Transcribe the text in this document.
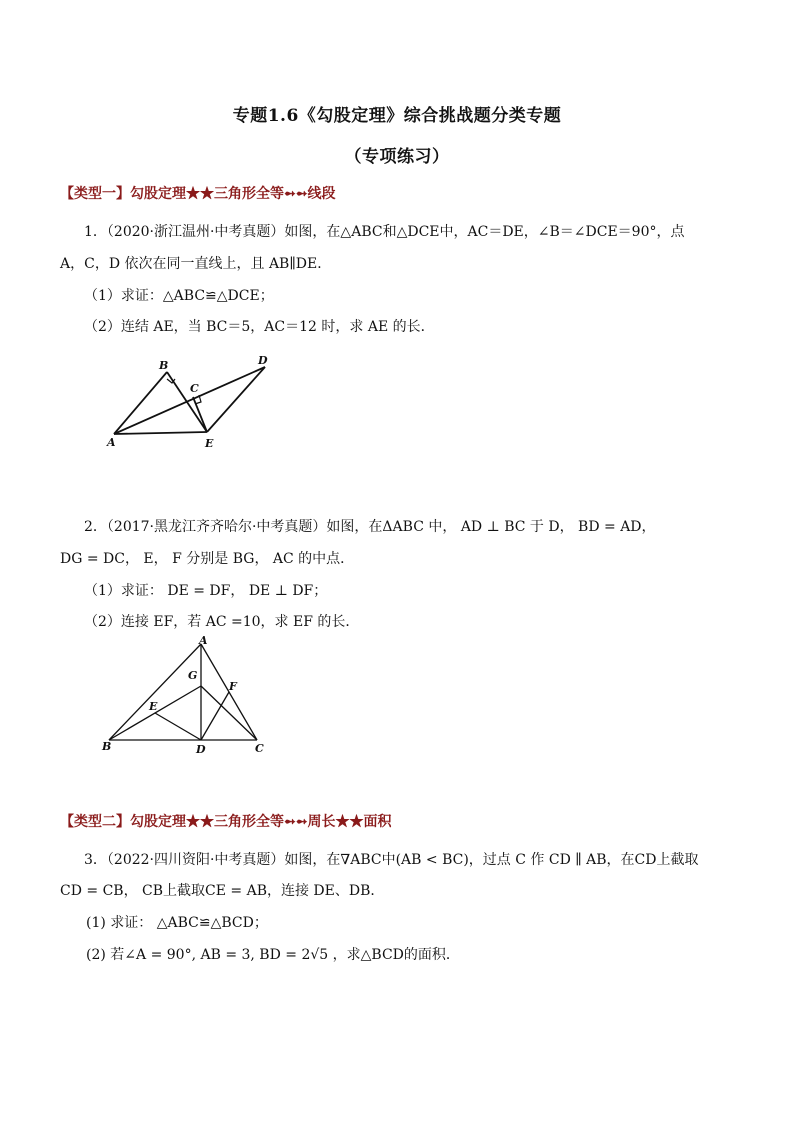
专题1.6《勾股定理》综合挑战题分类专题
（专项练习）
【类型一】勾股定理★★三角形全等➻➻线段
1．（2020·浙江温州·中考真题）如图，在△ABC和△DCE中，AC＝DE，∠B＝∠DCE＝90°，点
A，C，D 依次在同一直线上，且 AB∥DE．
（1）求证：△ABC≌△DCE；
（2）连结 AE，当 BC＝5，AC＝12 时，求 AE 的长．
A
B
C
D
E
2．（2017·黑龙江齐齐哈尔·中考真题）如图，在ΔABC 中， AD ⊥ BC 于 D， BD = AD，
DG = DC， E， F 分别是 BG， AC 的中点．
（1）求证： DE = DF， DE ⊥ DF；
（2）连接 EF，若 AC =10，求 EF 的长．
A
B	C
D
E
F
G
【类型二】勾股定理★★三角形全等➻➻周长★★面积
3．（2022·四川资阳·中考真题）如图，在∇ABC中(AB < BC)，过点 C 作 CD ∥ AB，在CD上截取
CD = CB， CB上截取CE = AB，连接 DE、DB．
(1) 求证： △ABC≌△BCD；
(2) 若∠A = 90°, AB = 3, BD = 2√5 ，求△BCD的面积．
